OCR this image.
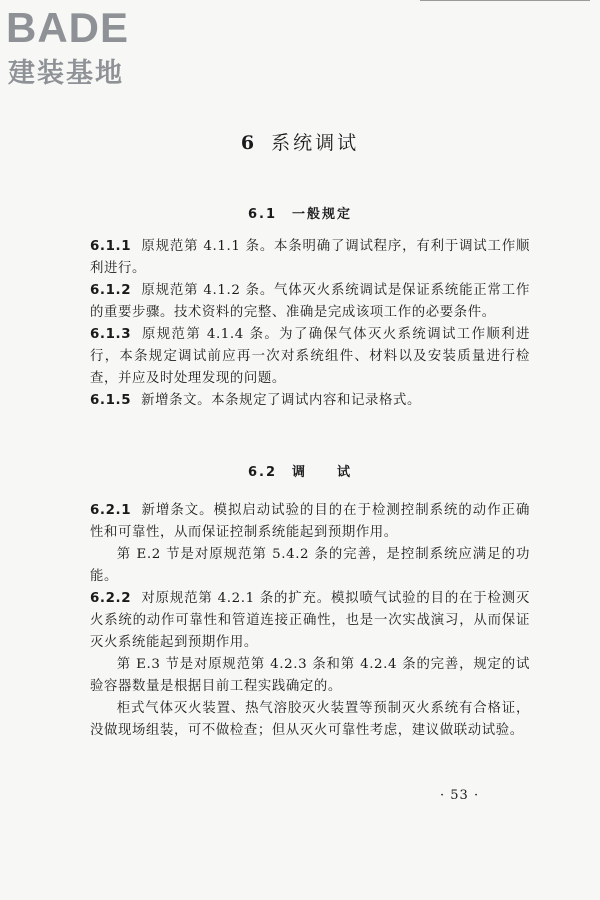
BADE
建装基地
6 系统调试
6.1　一般规定

6.1.1 原规范第 4.1.1 条。本条明确了调试程序，有利于调试工作顺利进行。

6.1.2 原规范第 4.1.2 条。气体灭火系统调试是保证系统能正常工作的重要步骤。技术资料的完整、准确是完成该项工作的必要条件。

6.1.3 原规范第 4.1.4 条。为了确保气体灭火系统调试工作顺利进行，本条规定调试前应再一次对系统组件、材料以及安装质量进行检查，并应及时处理发现的问题。

6.1.5 新增条文。本条规定了调试内容和记录格式。

6.2　调　　试

6.2.1 新增条文。模拟启动试验的目的在于检测控制系统的动作正确性和可靠性，从而保证控制系统能起到预期作用。

第 E.2 节是对原规范第 5.4.2 条的完善，是控制系统应满足的功能。

6.2.2 对原规范第 4.2.1 条的扩充。模拟喷气试验的目的在于检测灭火系统的动作可靠性和管道连接正确性，也是一次实战演习，从而保证灭火系统能起到预期作用。

第 E.3 节是对原规范第 4.2.3 条和第 4.2.4 条的完善，规定的试验容器数量是根据目前工程实践确定的。

柜式气体灭火装置、热气溶胶灭火装置等预制灭火系统有合格证，没做现场组装，可不做检查；但从灭火可靠性考虑，建议做联动试验。

· 53 ·
